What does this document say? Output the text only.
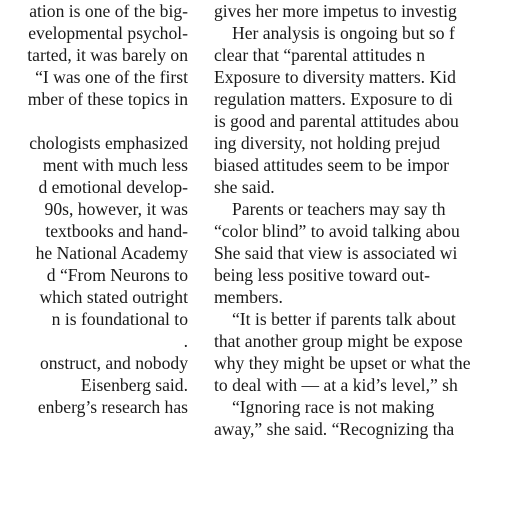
ation is one of the big-
evelopmental psychol-
tarted, it was barely on
“I was one of the first
mber of these topics in
chologists emphasized
ment with much less
d emotional develop-
90s, however, it was
textbooks and hand-
he National Academy
d “From Neurons to
which stated outright
n is foundational to
.
onstruct, and nobody
Eisenberg said.
enberg’s research has
gives her more impetus to investig
Her analysis is ongoing but so f
clear that “parental attitudes n
Exposure to diversity matters. Kid
regulation matters. Exposure to di
is good and parental attitudes abou
ing diversity, not holding prejud
biased attitudes seem to be impor
she said.
Parents or teachers may say th
“color blind” to avoid talking abou
She said that view is associated wi
being less positive toward out-
members.
“It is better if parents talk about
that another group might be expose
why they might be upset or what the
to deal with — at a kid’s level,” sh
“Ignoring race is not making
away,” she said. “Recognizing tha
